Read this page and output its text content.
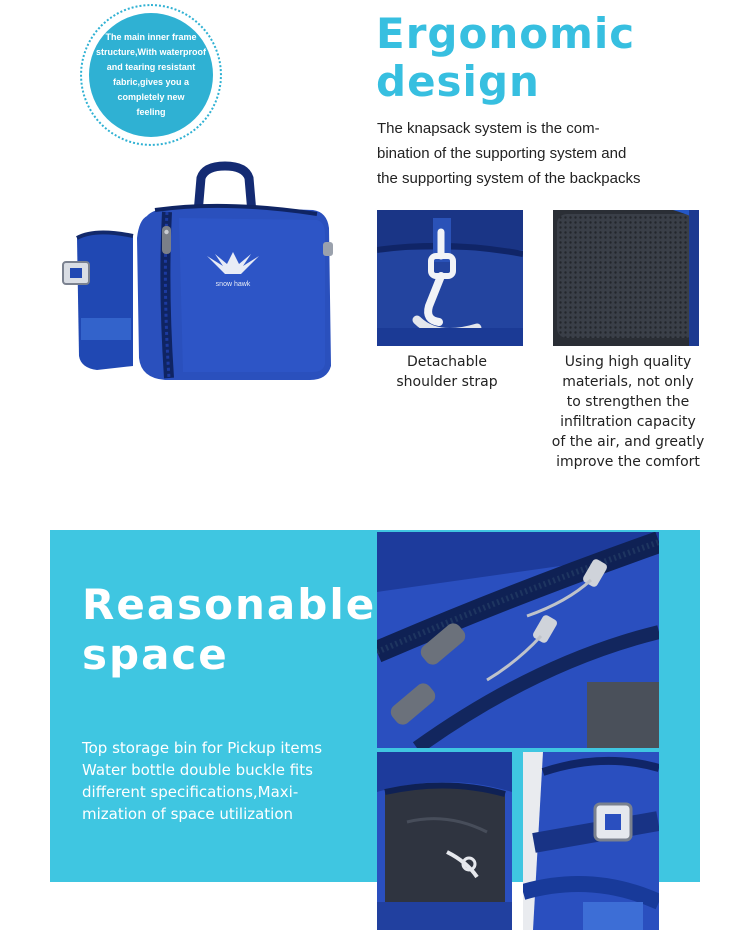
The main inner frame
structure,With waterproof
and tearing resistant
fabric,gives you a
completely new
feeling
snow hawk
Ergonomic
design
The knapsack system is the com-
bination of the supporting system and
the supporting system of the backpacks
Detachable
shoulder strap
Using high quality
materials, not only
to strengthen the
infiltration capacity
of the air, and greatly
improve the comfort
Reasonable
space
Top storage bin for Pickup items
Water bottle double buckle fits
different specifications,Maxi-
mization of space utilization
